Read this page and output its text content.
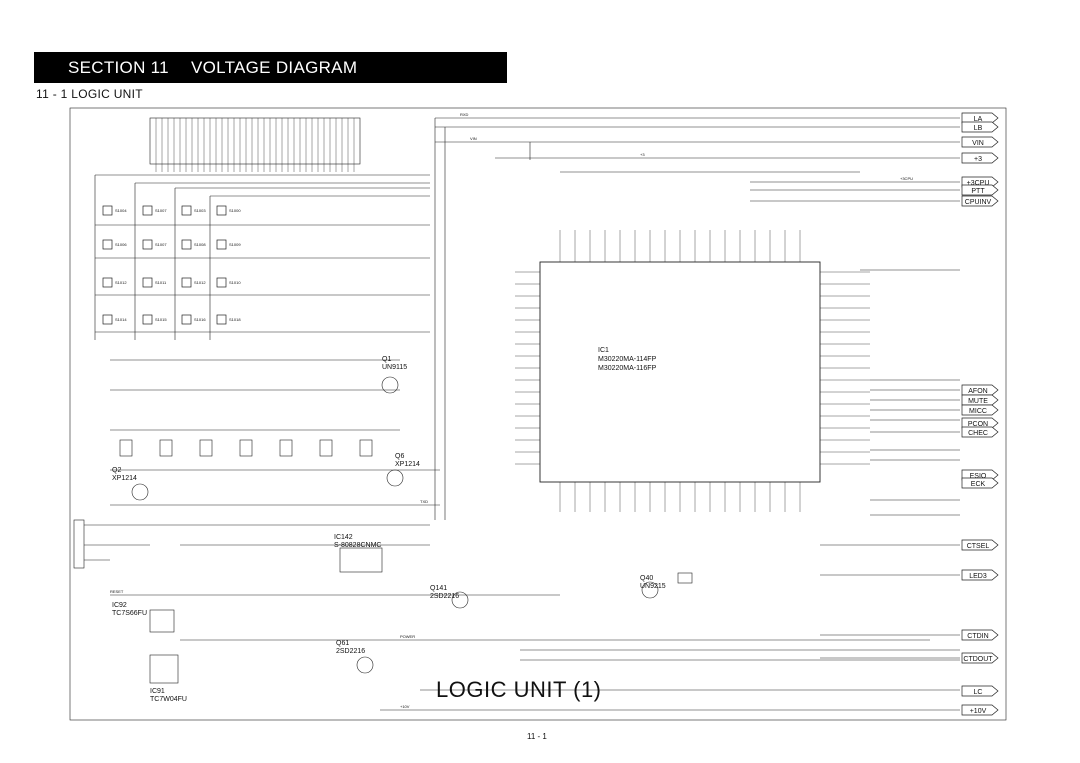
SECTION 11 VOLTAGE DIAGRAM
11 - 1 LOGIC UNIT
LA
LB
VIN
+3
+3CPU
PTT
CPUINV
AFON
MUTE
MICC
PCON
CHEC
ESIO
ECK
CTSEL
LED3
CTDIN
CTDOUT
LC
+10V
IC1
M30220MA-114FP
M30220MA-116FP
IC142
S-80828CNMC
Q1
UN9115
Q2
XP1214
Q6
XP1214
Q40
UN9215
Q141
2SD2216
Q61
2SD2216
IC92
TC7S66FU
IC91
TC7W04FU
S1004	S1007	S1003	S1000
S1006	S1007	S1008	S1009
S1012	S1011	S1012	S1010
S1014	S1015	S1016	S1018
VIN
+3
+3CPU
+10V
POWER
RESET
RXD
TXD
LOGIC UNIT (1)
11 - 1
